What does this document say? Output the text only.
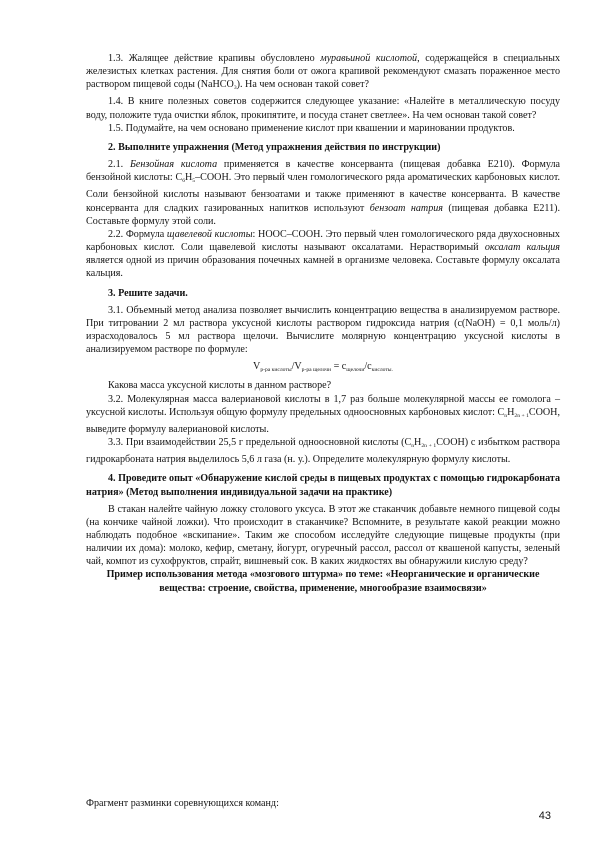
1.3. Жалящее действие крапивы обусловлено муравьиной кислотой, содержащейся в специальных железистых клетках растения. Для снятия боли от ожога крапивой рекомендуют смазать пораженное место раствором пищевой соды (NaHCO$_3$). На чем основан такой совет?

1.4. В книге полезных советов содержится следующее указание: «Налейте в металлическую посуду воду, положите туда очистки яблок, прокипятите, и посуда станет светлее». На чем основан такой совет?

1.5. Подумайте, на чем основано применение кислот при квашении и мариновании продуктов.

2. Выполните упражнения (Метод упражнения действия по инструкции)

2.1. Бензойная кислота применяется в качестве консерванта (пищевая добавка Е210). Формула бензойной кислоты: $С_6Н_5$–СООН. Это первый член гомологического ряда ароматических карбоновых кислот. Соли бензойной кислоты называют бензоатами и также применяют в качестве консерванта. В качестве консерванта для сладких газированных напитков используют бензоат натрия (пищевая добавка Е211). Составьте формулу этой соли.

2.2. Формула щавелевой кислоты: НООС–СООН. Это первый член гомологического ряда двухосновных карбоновых кислот. Соли щавелевой кислоты называют оксалатами. Нерастворимый оксалат кальция является одной из причин образования почечных камней в организме человека. Составьте формулу оксалата кальция.

3. Решите задачи.

3.1. Объемный метод анализа позволяет вычислить концентрацию вещества в анализируемом растворе. При титровании 2 мл раствора уксусной кислоты раствором гидроксида натрия (с(NaOH) = 0,1 моль/л) израсходовалось 5 мл раствора щелочи. Вычислите молярную концентрацию уксусной кислоты в анализируемом растворе по формуле:

$V_{р-ра кислоты}/V_{р-ра щелочи} = c_{щелочи}/c_{кислоты.}$

Какова масса уксусной кислоты в данном растворе?

3.2. Молекулярная масса валериановой кислоты в 1,7 раз больше молекулярной массы ее гомолога – уксусной кислоты. Используя общую формулу предельных одноосновных карбоновых кислот: $С_nН_{2n + 1}СООН$, выведите формулу валериановой кислоты.

3.3. При взаимодействии 25,5 г предельной одноосновной кислоты $(С_nН_{2n + 1}СООН)$ с избытком раствора гидрокарбоната натрия выделилось 5,6 л газа (н. у.). Определите молекулярную формулу кислоты.

4. Проведите опыт «Обнаружение кислой среды в пищевых продуктах с помощью гидрокарбоната натрия» (Метод выполнения индивидуальной задачи на практике)

В стакан налейте чайную ложку столового уксуса. В этот же стаканчик добавьте немного пищевой соды (на кончике чайной ложки). Что происходит в стаканчике? Вспомните, в результате какой реакции можно наблюдать подобное «вскипание». Таким же способом исследуйте следующие пищевые продукты (при наличии их дома): молоко, кефир, сметану, йогурт, огуречный рассол, рассол от квашеной капусты, зеленый чай, компот из сухофруктов, спрайт, вишневый сок. В каких жидкостях вы обнаружили кислую среду?

Пример использования метода «мозгового штурма» по теме: «Неорганические и органические вещества: строение, свойства, применение, многообразие взаимосвязи»

Фрагмент разминки соревнующихся команд:
43
